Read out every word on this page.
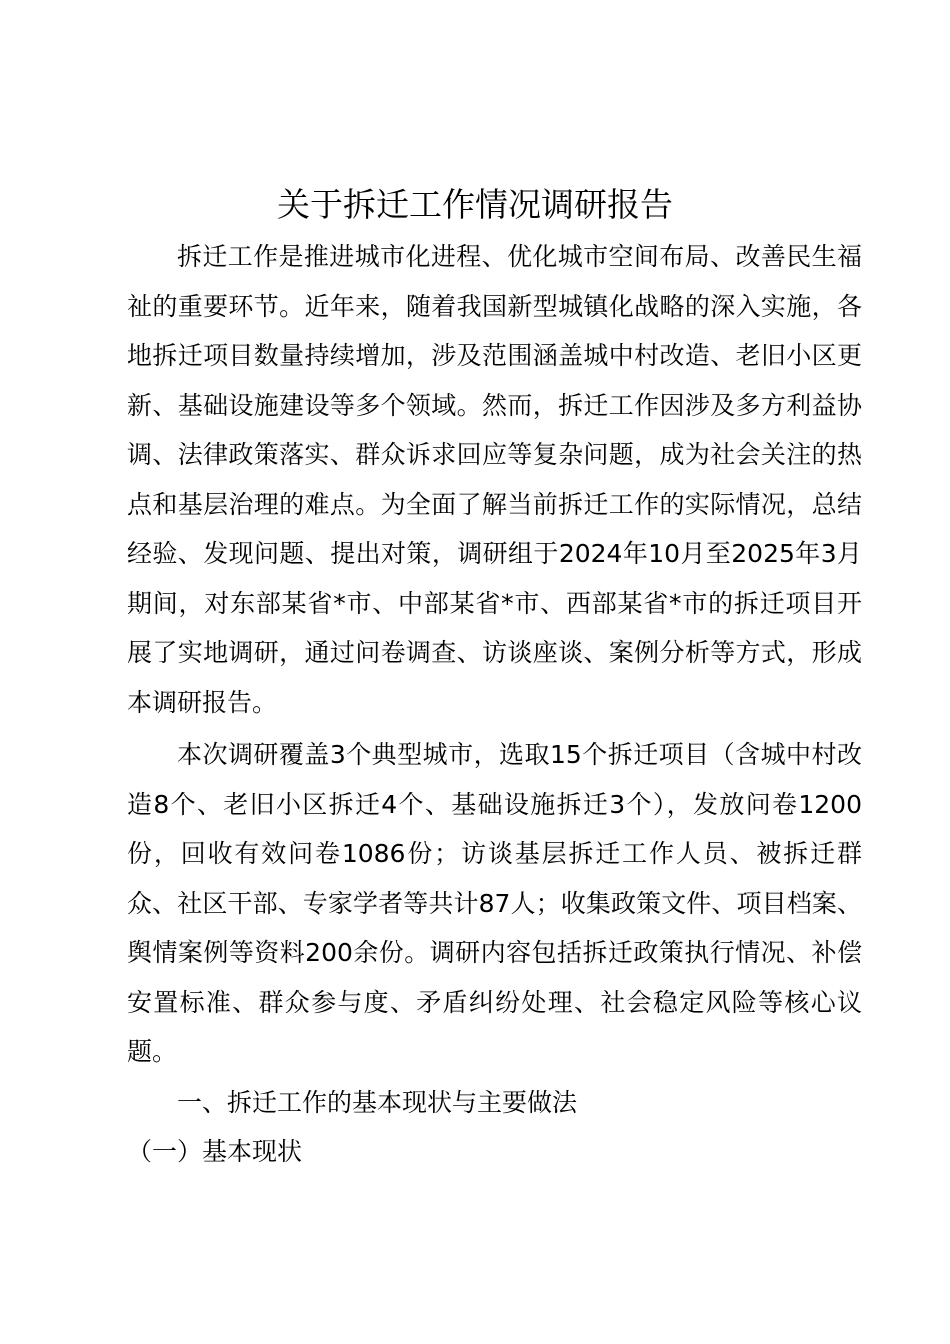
关于拆迁工作情况调研报告

拆迁工作是推进城市化进程、优化城市空间布局、改善民生福祉的重要环节。近年来，随着我国新型城镇化战略的深入实施，各地拆迁项目数量持续增加，涉及范围涵盖城中村改造、老旧小区更新、基础设施建设等多个领域。然而，拆迁工作因涉及多方利益协调、法律政策落实、群众诉求回应等复杂问题，成为社会关注的热点和基层治理的难点。为全面了解当前拆迁工作的实际情况，总结经验、发现问题、提出对策，调研组于2024年10月至2025年3月期间，对东部某省*市、中部某省*市、西部某省*市的拆迁项目开展了实地调研，通过问卷调查、访谈座谈、案例分析等方式，形成本调研报告。

本次调研覆盖3个典型城市，选取15个拆迁项目（含城中村改造8个、老旧小区拆迁4个、基础设施拆迁3个），发放问卷1200份，回收有效问卷1086份；访谈基层拆迁工作人员、被拆迁群众、社区干部、专家学者等共计87人；收集政策文件、项目档案、舆情案例等资料200余份。调研内容包括拆迁政策执行情况、补偿安置标准、群众参与度、矛盾纠纷处理、社会稳定风险等核心议题。

一、拆迁工作的基本现状与主要做法
（一）基本现状
